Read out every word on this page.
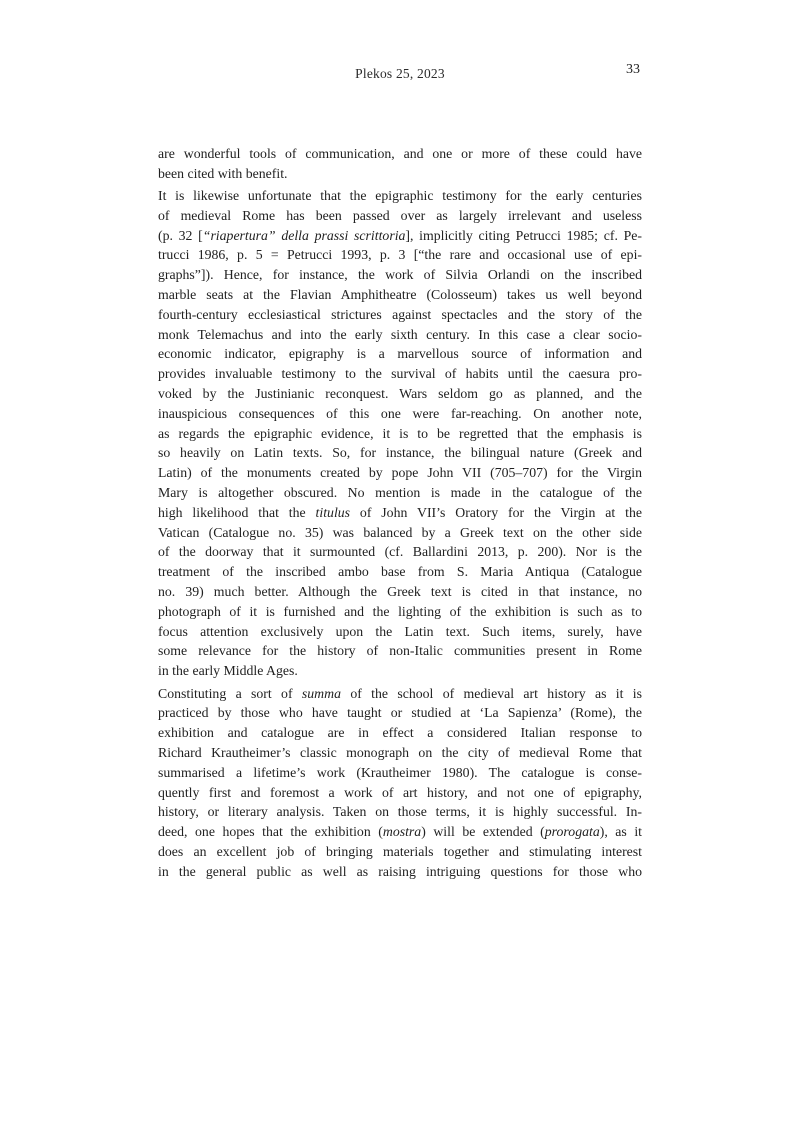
Plekos 25, 2023	33

are wonderful tools of communication, and one or more of these could have
been cited with benefit.

It is likewise unfortunate that the epigraphic testimony for the early centuries
of medieval Rome has been passed over as largely irrelevant and useless
(p. 32 [“riapertura” della prassi scrittoria], implicitly citing Petrucci 1985; cf. Pe-
trucci 1986, p. 5 = Petrucci 1993, p. 3 [“the rare and occasional use of epi-
graphs”]). Hence, for instance, the work of Silvia Orlandi on the inscribed
marble seats at the Flavian Amphitheatre (Colosseum) takes us well beyond
fourth-century ecclesiastical strictures against spectacles and the story of the
monk Telemachus and into the early sixth century. In this case a clear socio-
economic indicator, epigraphy is a marvellous source of information and
provides invaluable testimony to the survival of habits until the caesura pro-
voked by the Justinianic reconquest. Wars seldom go as planned, and the
inauspicious consequences of this one were far-reaching. On another note,
as regards the epigraphic evidence, it is to be regretted that the emphasis is
so heavily on Latin texts. So, for instance, the bilingual nature (Greek and
Latin) of the monuments created by pope John VII (705–707) for the Virgin
Mary is altogether obscured. No mention is made in the catalogue of the
high likelihood that the titulus of John VII’s Oratory for the Virgin at the
Vatican (Catalogue no. 35) was balanced by a Greek text on the other side
of the doorway that it surmounted (cf. Ballardini 2013, p. 200). Nor is the
treatment of the inscribed ambo base from S. Maria Antiqua (Catalogue
no. 39) much better. Although the Greek text is cited in that instance, no
photograph of it is furnished and the lighting of the exhibition is such as to
focus attention exclusively upon the Latin text. Such items, surely, have
some relevance for the history of non-Italic communities present in Rome
in the early Middle Ages.

Constituting a sort of summa of the school of medieval art history as it is
practiced by those who have taught or studied at ‘La Sapienza’ (Rome), the
exhibition and catalogue are in effect a considered Italian response to
Richard Krautheimer’s classic monograph on the city of medieval Rome that
summarised a lifetime’s work (Krautheimer 1980). The catalogue is conse-
quently first and foremost a work of art history, and not one of epigraphy,
history, or literary analysis. Taken on those terms, it is highly successful. In-
deed, one hopes that the exhibition (mostra) will be extended (prorogata), as it
does an excellent job of bringing materials together and stimulating interest
in the general public as well as raising intriguing questions for those who
